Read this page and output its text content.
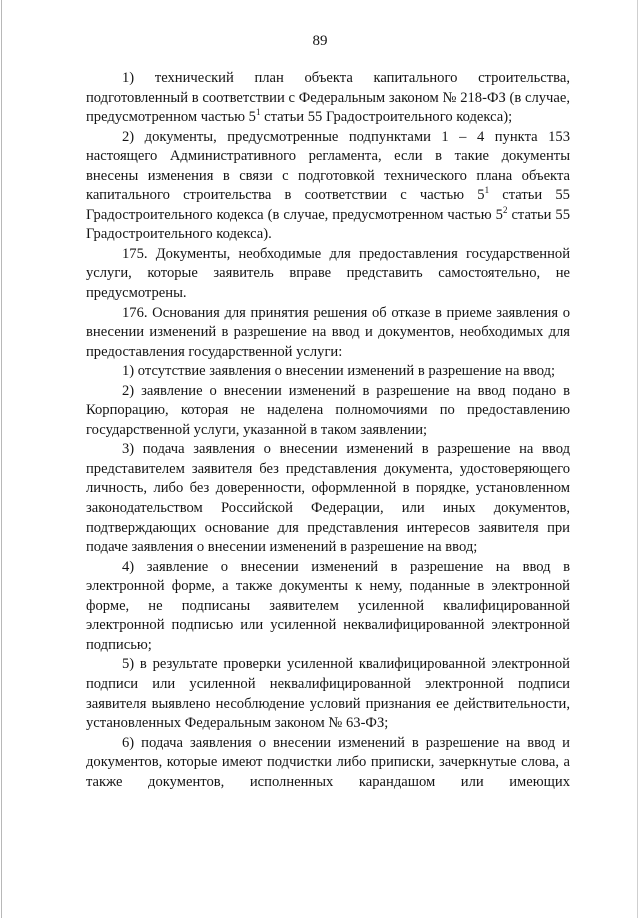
89

1) технический план объекта капитального строительства, подготовленный в соответствии с Федеральным законом № 218-ФЗ (в случае, предусмотренном частью $5^1$ статьи 55 Градостроительного кодекса);

2) документы, предусмотренные подпунктами 1 – 4 пункта 153 настоящего Административного регламента, если в такие документы внесены изменения в связи с подготовкой технического плана объекта капитального строительства в соответствии с частью $5^1$ статьи 55 Градостроительного кодекса (в случае, предусмотренном частью $5^2$ статьи 55 Градостроительного кодекса).

175. Документы, необходимые для предоставления государственной услуги, которые заявитель вправе представить самостоятельно, не предусмотрены.

176. Основания для принятия решения об отказе в приеме заявления о внесении изменений в разрешение на ввод и документов, необходимых для предоставления государственной услуги:

1) отсутствие заявления о внесении изменений в разрешение на ввод;

2) заявление о внесении изменений в разрешение на ввод подано в Корпорацию, которая не наделена полномочиями по предоставлению государственной услуги, указанной в таком заявлении;

3) подача заявления о внесении изменений в разрешение на ввод представителем заявителя без представления документа, удостоверяющего личность, либо без доверенности, оформленной в порядке, установленном законодательством Российской Федерации, или иных документов, подтверждающих основание для представления интересов заявителя при подаче заявления о внесении изменений в разрешение на ввод;

4) заявление о внесении изменений в разрешение на ввод в электронной форме, а также документы к нему, поданные в электронной форме, не подписаны заявителем усиленной квалифицированной электронной подписью или усиленной неквалифицированной электронной подписью;

5) в результате проверки усиленной квалифицированной электронной подписи или усиленной неквалифицированной электронной подписи заявителя выявлено несоблюдение условий признания ее действительности, установленных Федеральным законом № 63-ФЗ;

6) подача заявления о внесении изменений в разрешение на ввод и документов, которые имеют подчистки либо приписки, зачеркнутые слова, а также документов, исполненных карандашом или имеющих
